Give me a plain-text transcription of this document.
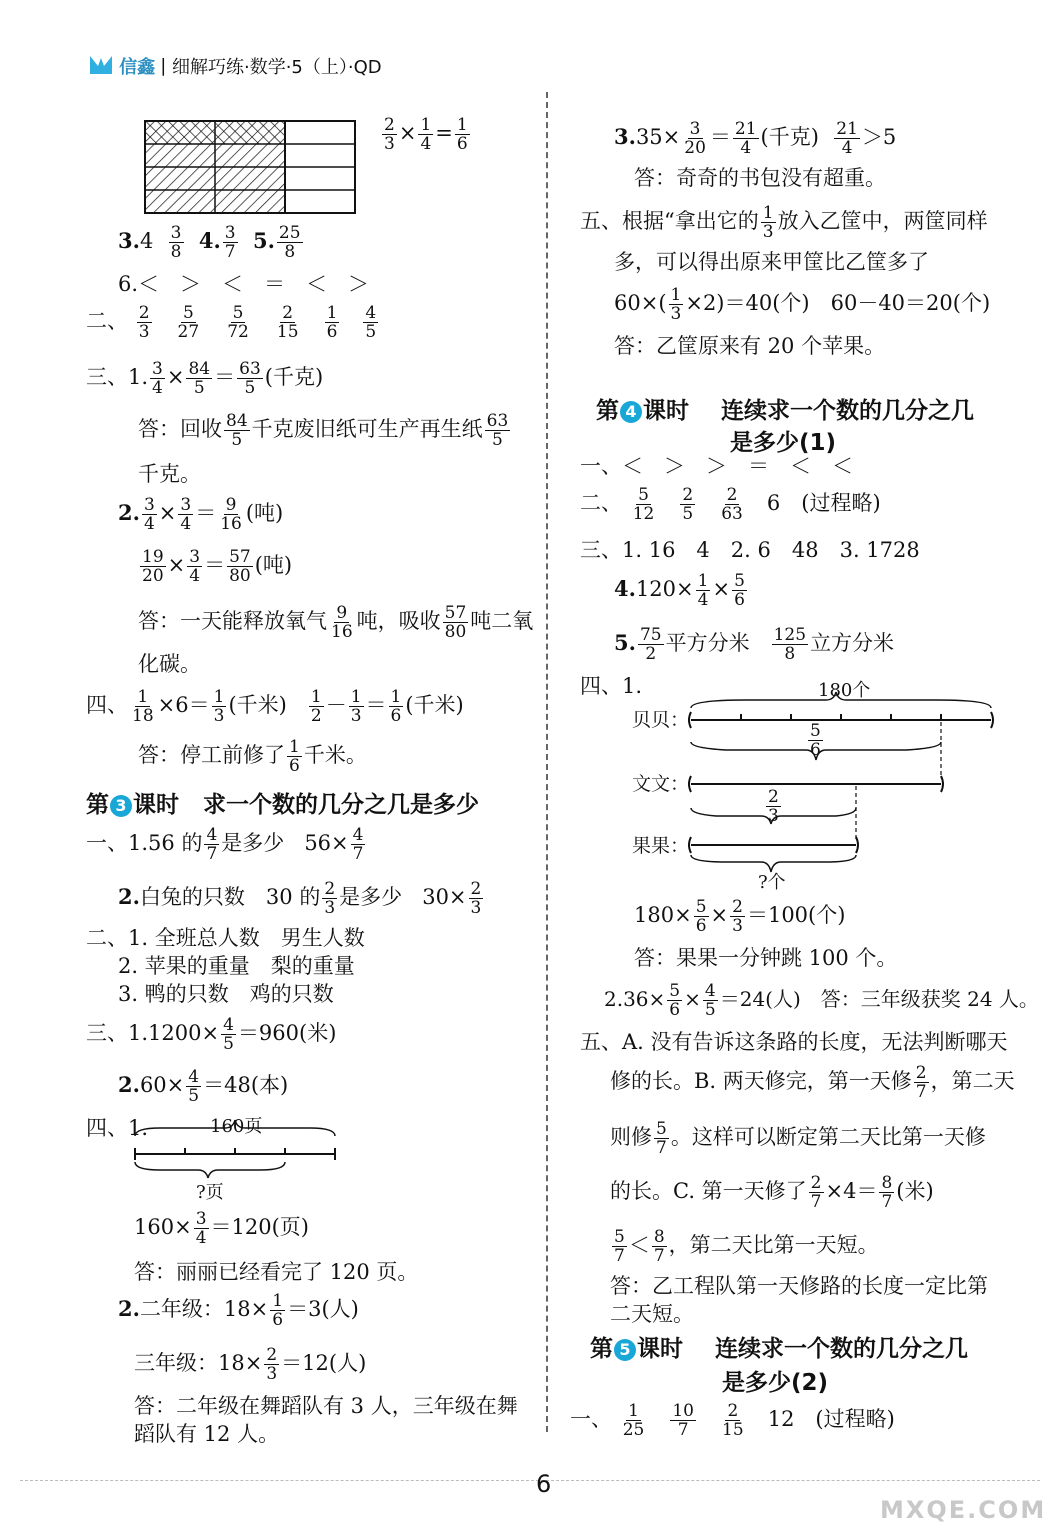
信鑫 | 细解巧练·数学·5（上）·QD
$\frac{2}{3} \times \frac{1}{4} = \frac{1}{6}$
$3.4 \frac{3}{8} 4$. $\frac{3}{7} 5$. $\frac{25}{8}$
6.＜　＞　＜　＝　＜　＞
二、 $\frac{2}{3}$
$\frac{5}{27}$
$\frac{5}{72}$
$\frac{2}{15}$
$\frac{1}{6}$
$\frac{4}{5}$
三、1. $\frac{3}{4} \times \frac{84}{5} = \frac{63}{5}$ (千克)
答：回收 $\frac{84}{5}$ 千克废旧纸可生产再生纸 $\frac{63}{5}$
千克。
2. $\frac{3}{4} \times \frac{3}{4} = \frac{9}{16}$ (吨)
$\frac{19}{20} \times \frac{3}{4} = \frac{57}{80}$ (吨)
答：一天能释放氧气 $\frac{9}{16}$ 吨，吸收 $\frac{57}{80}$ 吨二氧
化碳。
四、 $\frac{1}{18} \times 6= \frac{1}{3}$ (千米) $\frac{1}{2} - \frac{1}{3} = \frac{1}{6}$ (千米)
答：停工前修了 $\frac{1}{6}$ 千米。
第 3 课时 求一个数的几分之几是多少
一、1.56 的 $\frac{4}{7}$ 是多少 $56\times \frac{4}{7}$
2.白兔的只数　30 的 $\frac{2}{3}$ 是多少 $30\times \frac{2}{3}$
二、1. 全班总人数　男生人数
2. 苹果的重量　梨的重量
3. 鸭的只数　鸡的只数
三、$1.1200\times \frac{4}{5} =960$(米)
$2.60\times \frac{4}{5} =48$(本)
四、1.	160页
?页
$160\times \frac{3}{4} =120$(页)
答：丽丽已经看完了 120 页。
2.二年级：$18\times \frac{1}{6} =3$(人)
三年级：$18\times \frac{2}{3} =12$(人)
答：二年级在舞蹈队有 3 人，三年级在舞
蹈队有 12 人。
$3.35\times \frac{3}{20} = \frac{21}{4}$ (千克) $\frac{21}{4} >5$
答：奇奇的书包没有超重。
五、根据“拿出它的 $\frac{1}{3}$ 放入乙筐中，两筐同样
多，可以得出原来甲筐比乙筐多了
$60\times( \frac{1}{3} \times 2)=40$(个)　60－40＝20(个)
答：乙筐原来有 20 个苹果。
第 4 课时 连续求一个数的几分之几
是多少(1)
一、＜　＞　＞　＝　＜　＜
二、 $\frac{5}{12}$
$\frac{2}{5}$
$\frac{2}{63} 6$　(过程略)
三、1. 16　4　2. 6　48　3. 1728
$4.120\times \frac{1}{4} \times \frac{5}{6}$
5. $\frac{75}{2}$ 平方分米 $\frac{125}{8}$ 立方分米
四、1.	180个
贝贝：
$\frac{5}{6}$
文文：
$\frac{2}{3}$
果果：
?个
$180\times \frac{5}{6} \times \frac{2}{3} =100$(个)
答：果果一分钟跳 100 个。
$2.36\times \frac{5}{6} \times \frac{4}{5} =24$(人)　答：三年级获奖 24 人。
五、A. 没有告诉这条路的长度，无法判断哪天
修的长。B. 两天修完，第一天修 $\frac{2}{7}$ ，第二天
则修 $\frac{5}{7}$ 。这样可以断定第二天比第一天修
的长。C. 第一天修了 $\frac{2}{7} \times 4= \frac{8}{7}$ (米)
$\frac{5}{7} < \frac{8}{7}$ ，第二天比第一天短。
答：乙工程队第一天修路的长度一定比第
二天短。
第 5 课时 连续求一个数的几分之几
是多少(2)
一、 $\frac{1}{25}$
$\frac{10}{7}$
$\frac{2}{15} 12$　(过程略)
6
MXQE.COM
